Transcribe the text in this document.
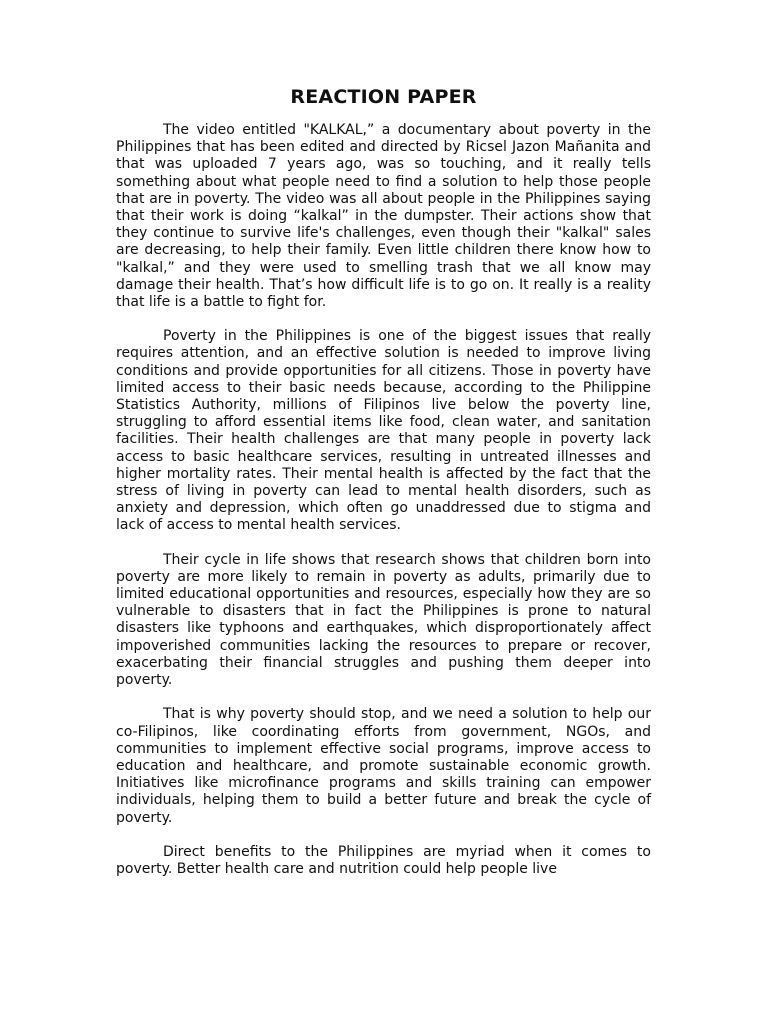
REACTION PAPER

The video entitled "KALKAL,” a documentary about poverty in the Philippines that has been edited and directed by Ricsel Jazon Mañanita and that was uploaded 7 years ago, was so touching, and it really tells something about what people need to find a solution to help those people that are in poverty. The video was all about people in the Philippines saying that their work is doing “kalkal” in the dumpster. Their actions show that they continue to survive life's challenges, even though their "kalkal" sales are decreasing, to help their family. Even little children there know how to "kalkal,” and they were used to smelling trash that we all know may damage their health. That’s how difficult life is to go on. It really is a reality that life is a battle to fight for.

Poverty in the Philippines is one of the biggest issues that really requires attention, and an effective solution is needed to improve living conditions and provide opportunities for all citizens. Those in poverty have limited access to their basic needs because, according to the Philippine Statistics Authority, millions of Filipinos live below the poverty line, struggling to afford essential items like food, clean water, and sanitation facilities. Their health challenges are that many people in poverty lack access to basic healthcare services, resulting in untreated illnesses and higher mortality rates. Their mental health is affected by the fact that the stress of living in poverty can lead to mental health disorders, such as anxiety and depression, which often go unaddressed due to stigma and lack of access to mental health services.

Their cycle in life shows that research shows that children born into poverty are more likely to remain in poverty as adults, primarily due to limited educational opportunities and resources, especially how they are so vulnerable to disasters that in fact the Philippines is prone to natural disasters like typhoons and earthquakes, which disproportionately affect impoverished communities lacking the resources to prepare or recover, exacerbating their financial struggles and pushing them deeper into poverty.

That is why poverty should stop, and we need a solution to help our co-Filipinos, like coordinating efforts from government, NGOs, and communities to implement effective social programs, improve access to education and healthcare, and promote sustainable economic growth. Initiatives like microfinance programs and skills training can empower individuals, helping them to build a better future and break the cycle of poverty.

Direct benefits to the Philippines are myriad when it comes to poverty. Better health care and nutrition could help people live
